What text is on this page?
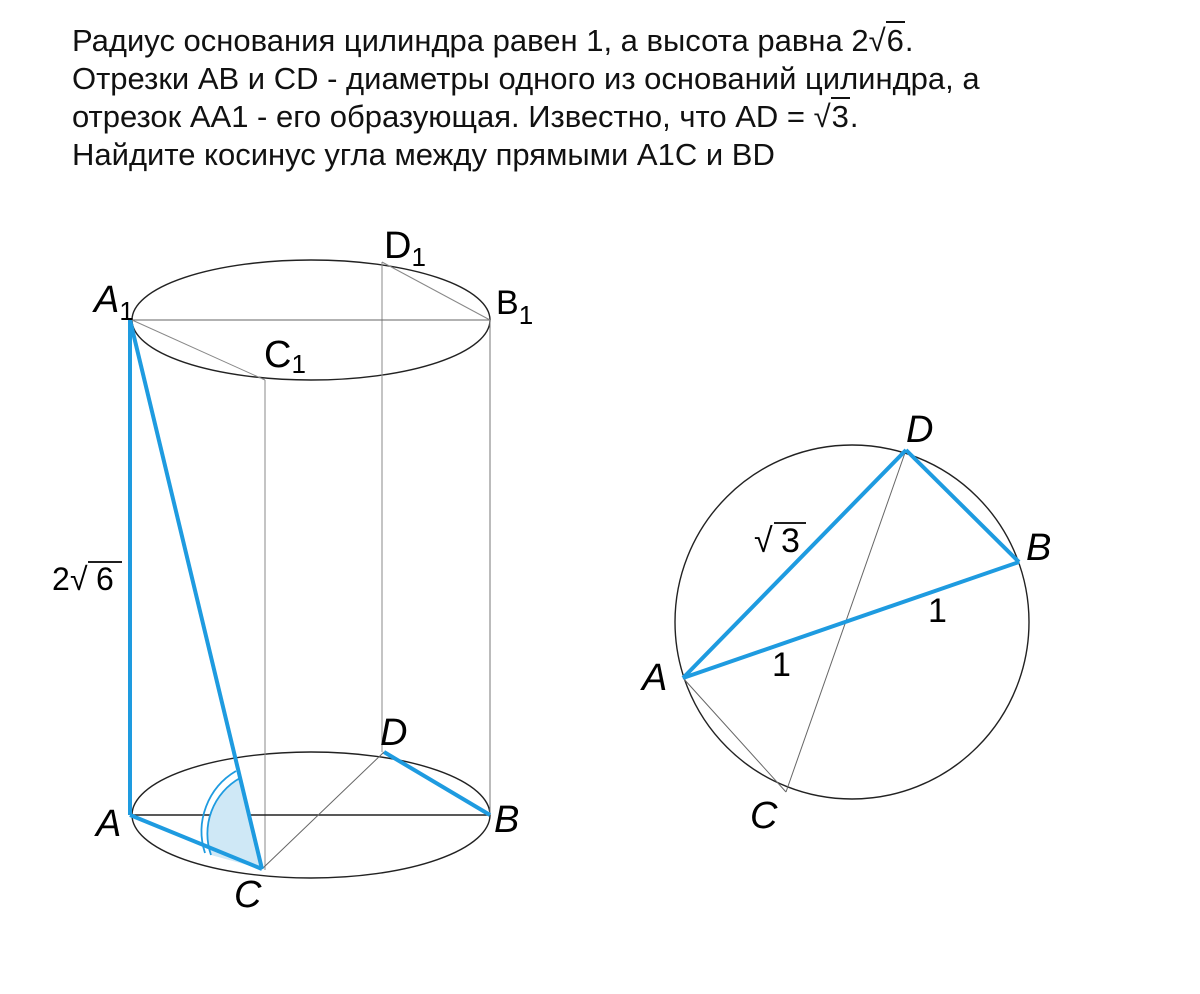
Радиус основания цилиндра равен 1, а высота равна 2√6.
Отрезки AB и CD - диаметры одного из оснований цилиндра, а
отрезок AA1 - его образующая. Известно, что AD = √3.
Найдите косинус угла между прямыми A1C и BD
$A_1$
$D_1$
$B_1$
C1
A	B
C
D
2 √ 6
A
B
C
D
√ 3
1
1
